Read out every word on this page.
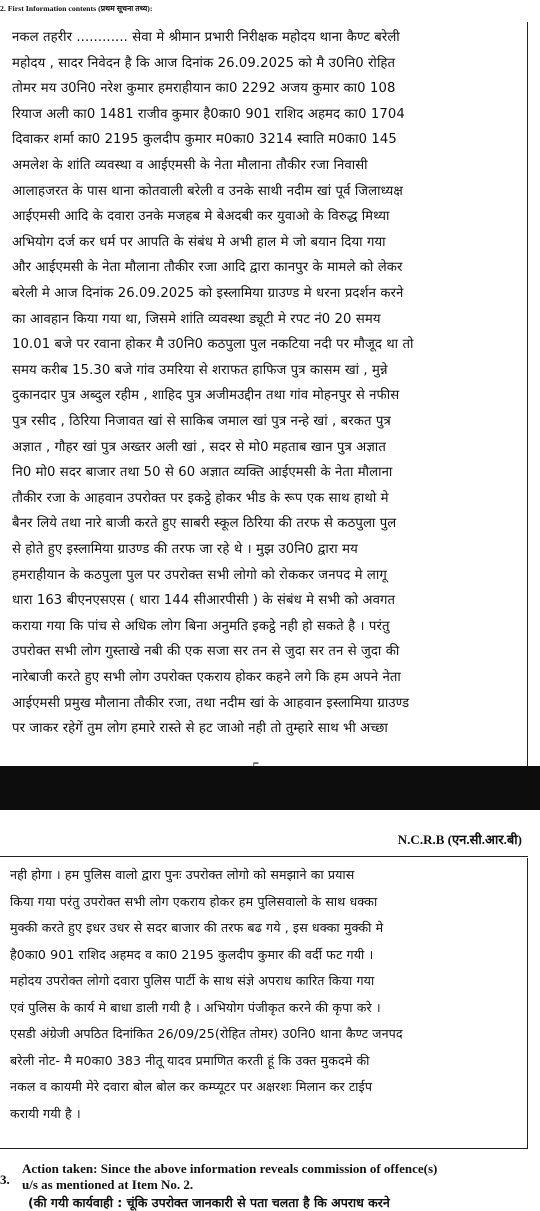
2. First Information contents (प्रथम सूचना तथ्य):
नकल तहरीर ............ सेवा मे श्रीमान प्रभारी निरीक्षक महोदय थाना कैण्ट बरेली
महोदय , सादर निवेदन है कि आज दिनांक 26.09.2025 को मै उ0नि0 रोहित
तोमर मय उ0नि0 नरेश कुमार हमराहीयान का0 2292 अजय कुमार का0 108
रियाज अली का0 1481 राजीव कुमार है0का0 901 राशिद अहमद का0 1704
दिवाकर शर्मा का0 2195 कुलदीप कुमार म0का0 3214 स्वाति म0का0 145
अमलेश के शांति व्यवस्था व आईएमसी के नेता मौलाना तौकीर रजा निवासी
आलाहजरत के पास थाना कोतवाली बरेली व उनके साथी नदीम खां पूर्व जिलाध्यक्ष
आईएमसी आदि के दवारा उनके मजहब मे बेअदबी कर युवाओ के विरुद्ध मिथ्या
अभियोग दर्ज कर धर्म पर आपति के संबंध मे अभी हाल मे जो बयान दिया गया
और आईएमसी के नेता मौलाना तौकीर रजा आदि द्वारा कानपुर के मामले को लेकर
बरेली मे आज दिनांक 26.09.2025 को इस्लामिया ग्राउण्ड मे धरना प्रदर्शन करने
का आवहान किया गया था, जिसमे शांति व्यवस्था ड्यूटी मे रपट नं0 20 समय
10.01 बजे पर रवाना होकर मै उ0नि0 कठपुला पुल नकटिया नदी पर मौजूद था तो
समय करीब 15.30 बजे गांव उमरिया से शराफत हाफिज पुत्र कासम खां , मुन्ने
दुकानदार पुत्र अब्दुल रहीम , शाहिद पुत्र अजीमउद्दीन तथा गांव मोहनपुर से नफीस
पुत्र रसीद , ठिरिया निजावत खां से साकिब जमाल खां पुत्र नन्हे खां , बरकत पुत्र
अज्ञात , गौहर खां पुत्र अख्तर अली खां , सदर से मो0 महताब खान पुत्र अज्ञात
नि0 मो0 सदर बाजार तथा 50 से 60 अज्ञात व्यक्ति आईएमसी के नेता मौलाना
तौकीर रजा के आहवान उपरोक्त पर इकट्ठे होकर भीड के रूप एक साथ हाथो मे
बैनर लिये तथा नारे बाजी करते हुए साबरी स्कूल ठिरिया की तरफ से कठपुला पुल
से होते हुए इस्लामिया ग्राउण्ड की तरफ जा रहे थे । मुझ उ0नि0 द्वारा मय
हमराहीयान के कठपुला पुल पर उपरोक्त सभी लोगो को रोककर जनपद मे लागू
धारा 163 बीएनएसएस ( धारा 144 सीआरपीसी ) के संबंध मे सभी को अवगत
कराया गया कि पांच से अधिक लोग बिना अनुमति इकट्ठे नही हो सकते है । परंतु
उपरोक्त सभी लोग गुस्ताखे नबी की एक सजा सर तन से जुदा सर तन से जुदा की
नारेबाजी करते हुए सभी लोग उपरोक्त एकराय होकर कहने लगे कि हम अपने नेता
आईएमसी प्रमुख मौलाना तौकीर रजा, तथा नदीम खां के आहवान इस्लामिया ग्राउण्ड
पर जाकर रहेगें तुम लोग हमारे रास्ते से हट जाओ नही तो तुम्हारे साथ भी अच्छा
N.C.R.B (एन.सी.आर.बी)
नही होगा । हम पुलिस वालो द्वारा पुनः उपरोक्त लोगो को समझाने का प्रयास
किया गया परंतु उपरोक्त सभी लोग एकराय होकर हम पुलिसवालो के साथ धक्का
मुक्की करते हुए इधर उधर से सदर बाजार की तरफ बढ गये , इस धक्का मुक्की मे
है0का0 901 राशिद अहमद व का0 2195 कुलदीप कुमार की वर्दी फट गयी ।
महोदय उपरोक्त लोगो दवारा पुलिस पार्टी के साथ संज्ञे अपराध कारित किया गया
एवं पुलिस के कार्य मे बाधा डाली गयी है । अभियोग पंजीकृत करने की कृपा करे ।
एसडी अंग्रेजी अपठित दिनांकित 26/09/25(रोहित तोमर) उ0नि0 थाना कैण्ट जनपद
बरेली नोट- मै म0का0 383 नीतू यादव प्रमाणित करती हूं कि उक्त मुकदमे की
नकल व कायमी मेरे दवारा बोल बोल कर कम्प्यूटर पर अक्षरशः मिलान कर टाईप
करायी गयी है ।
3.
Action taken: Since the above information reveals commission of offence(s)
u/s as mentioned at Item No. 2.
(की गयी कार्यवाही : चूंकि उपरोक्त जानकारी से पता चलता है कि अपराध करने
